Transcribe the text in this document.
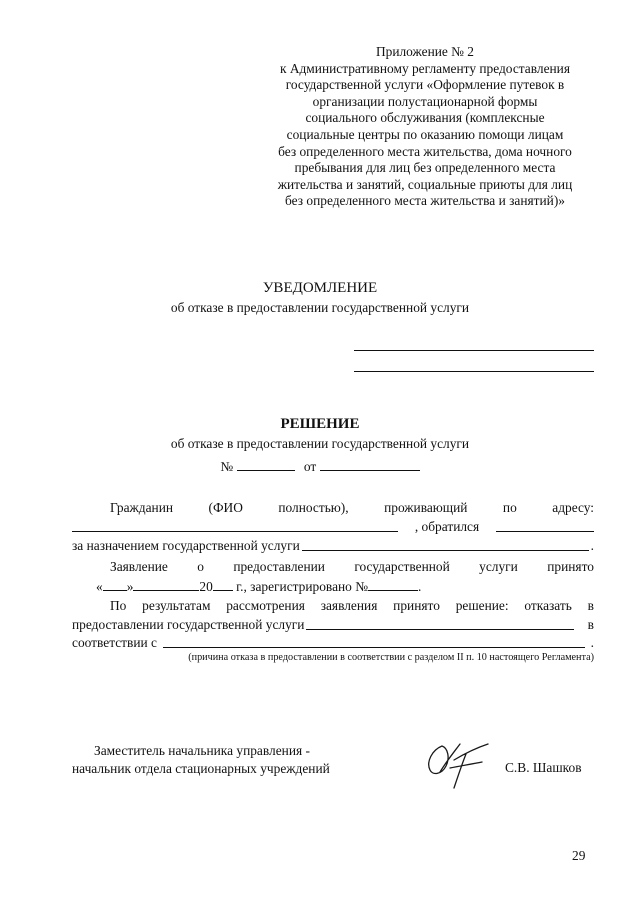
Приложение № 2
к Административному регламенту предоставления
государственной услуги «Оформление путевок в
организации полустационарной формы
социального обслуживания (комплексные
социальные центры по оказанию помощи лицам
без определенного места жительства, дома ночного
пребывания для лиц без определенного места
жительства и занятий, социальные приюты для лиц
без определенного места жительства и занятий)»
УВЕДОМЛЕНИЕ
об отказе в предоставлении государственной услуги
РЕШЕНИЕ
об отказе в предоставлении государственной услуги
№	от
Гражданин	(ФИО	полностью),	проживающий	по	адресу:
, обратился
за назначением государственной услуги	.
Заявление о предоставлении государственной услуги принято
« »	20 г., зарегистрировано №	.
По результатам рассмотрения заявления принято решение: отказать в
предоставлении государственной услуги	в
соответствии с	.
(причина отказа в предоставлении в соответствии с разделом II п. 10 настоящего Регламента)
Заместитель начальника управления -
начальник отдела стационарных учреждений	С.В. Шашков
29
